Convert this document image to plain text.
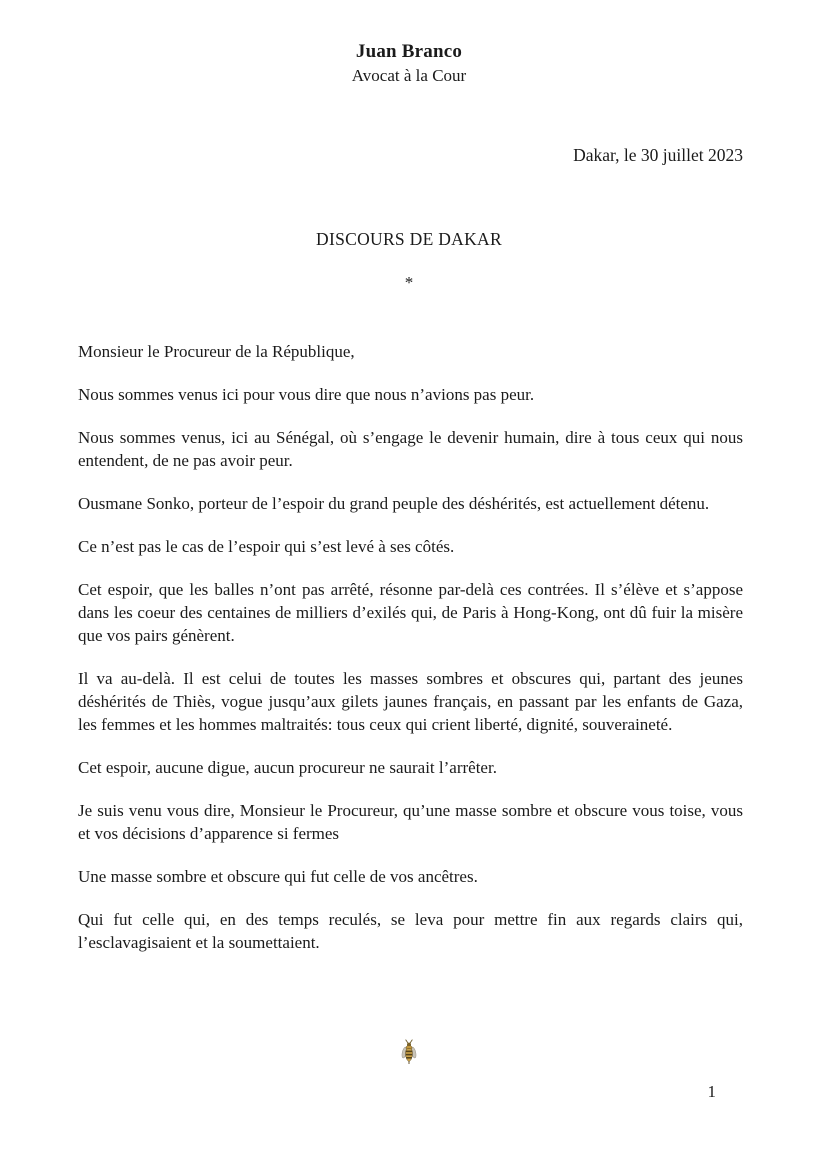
Juan Branco
Avocat à la Cour
Dakar, le 30 juillet 2023
DISCOURS DE DAKAR
*

Monsieur le Procureur de la République,

Nous sommes venus ici pour vous dire que nous n’avions pas peur.

Nous sommes venus, ici au Sénégal, où s’engage le devenir humain, dire à tous ceux qui nous entendent, de ne pas avoir peur.

Ousmane Sonko, porteur de l’espoir du grand peuple des déshérités, est actuellement détenu.

Ce n’est pas le cas de l’espoir qui s’est levé à ses côtés.

Cet espoir, que les balles n’ont pas arrêté, résonne par-delà ces contrées. Il s’élève et s’appose dans les coeur des centaines de milliers d’exilés qui, de Paris à Hong-Kong, ont dû fuir la misère que vos pairs génèrent.

Il va au-delà. Il est celui de toutes les masses sombres et obscures qui, partant des jeunes déshérités de Thiès, vogue jusqu’aux gilets jaunes français, en passant par les enfants de Gaza, les femmes et les hommes maltraités: tous ceux qui crient liberté, dignité, souveraineté.

Cet espoir, aucune digue, aucun procureur ne saurait l’arrêter.

Je suis venu vous dire, Monsieur le Procureur, qu’une masse sombre et obscure vous toise, vous et vos décisions d’apparence si fermes

Une masse sombre et obscure qui fut celle de vos ancêtres.

Qui fut celle qui, en des temps reculés, se leva pour mettre fin aux regards clairs qui, l’esclavagisaient et la soumettaient.

1
